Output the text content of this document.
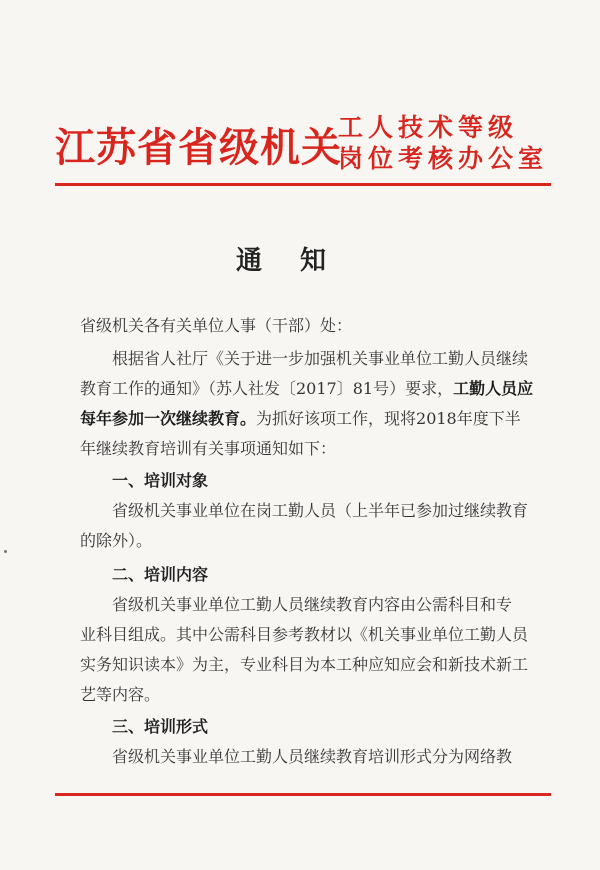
江苏省省级机关
工人技术等级
岗位考核办公室
通知
省级机关各有关单位人事（干部）处：
根据省人社厅《关于进一步加强机关事业单位工勤人员继续
教育工作的通知》（苏人社发〔2017〕81号）要求，工勤人员应
每年参加一次继续教育。为抓好该项工作，现将2018年度下半
年继续教育培训有关事项通知如下：
一、培训对象
省级机关事业单位在岗工勤人员（上半年已参加过继续教育
的除外）。
二、培训内容
省级机关事业单位工勤人员继续教育内容由公需科目和专
业科目组成。其中公需科目参考教材以《机关事业单位工勤人员
实务知识读本》为主，专业科目为本工种应知应会和新技术新工
艺等内容。
三、培训形式
省级机关事业单位工勤人员继续教育培训形式分为网络教
